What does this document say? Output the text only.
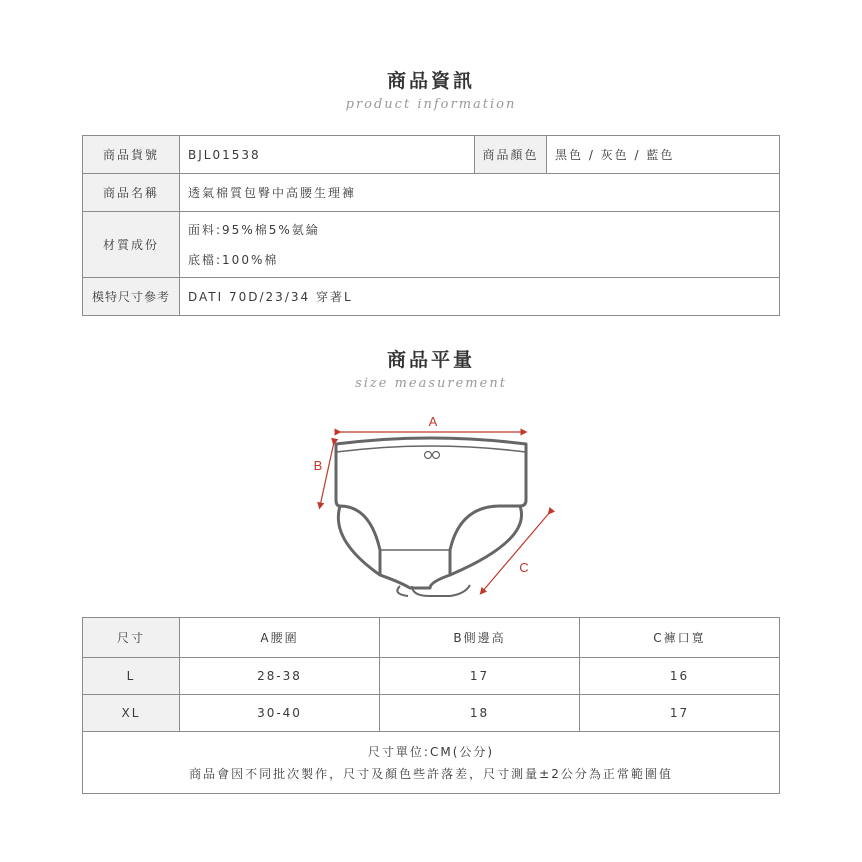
商品資訊
product information
商品貨號	BJL01538	商品顏色	黑色 / 灰色 / 藍色
商品名稱	透氣棉質包臀中高腰生理褲		
材質成份	面料:95%棉5%氨綸
底檔:100%棉		

模特尺寸參考	DATI 70D/23/34 穿著L		
商品平量
size measurement
A
B
C
尺寸	A腰圍	B側邊高	C褲口寬
L	28-38	17	16
XL	30-40	18	17

尺寸單位:CM(公分)
商品會因不同批次製作，尺寸及顏色些許落差，尺寸測量±2公分為正常範圍值			
